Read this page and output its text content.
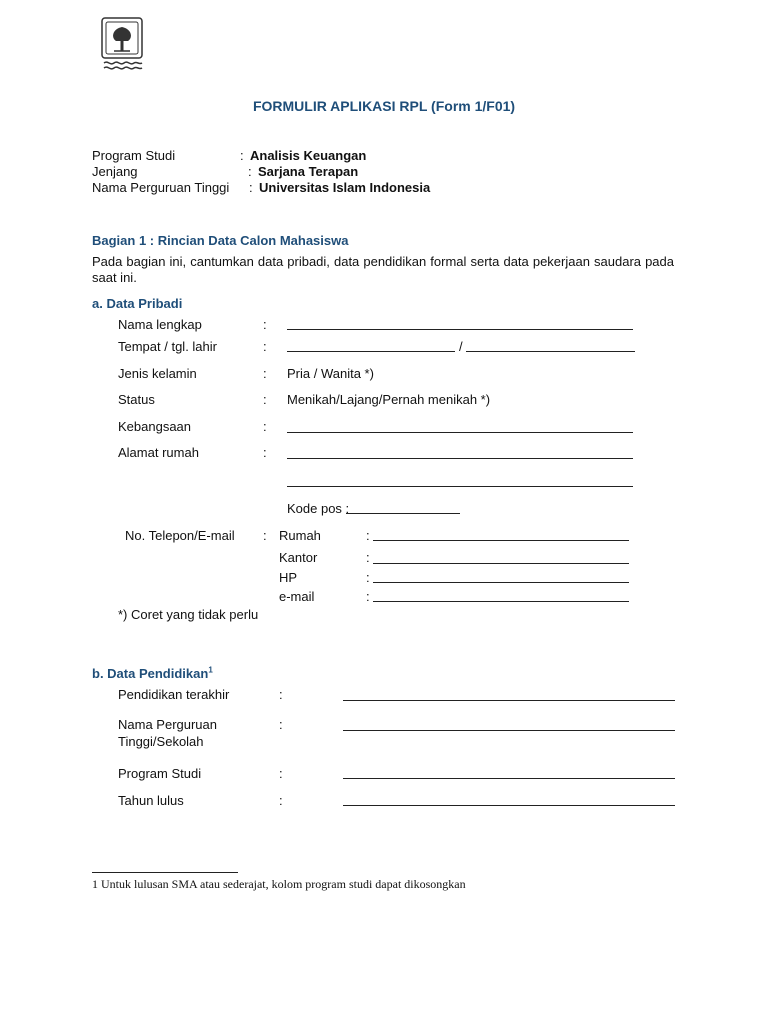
FORMULIR APLIKASI RPL (Form 1/F01)
Program Studi	: Analisis Keuangan
Jenjang	: Sarjana Terapan
Nama Perguruan Tinggi : Universitas Islam Indonesia
Bagian 1 : Rincian Data Calon Mahasiswa
Pada bagian ini, cantumkan data pribadi, data pendidikan formal serta data pekerjaan saudara pada saat ini.
a. Data Pribadi
Nama lengkap	:
Tempat / tgl. lahir	:	/
Jenis kelamin	: Pria / Wanita *)
Status	: Menikah/Lajang/Pernah menikah *)
Kebangsaan	:
Alamat rumah	:
Kode pos :
No. Telepon/E-mail : Rumah	:
Kantor	:
HP	:
e-mail	:
*) Coret yang tidak perlu
b. Data Pendidikan$^1$
Pendidikan terakhir	:
Nama Perguruan
Tinggi/Sekolah
:
Program Studi	:
Tahun lulus	:
1 Untuk lulusan SMA atau sederajat, kolom program studi dapat dikosongkan
